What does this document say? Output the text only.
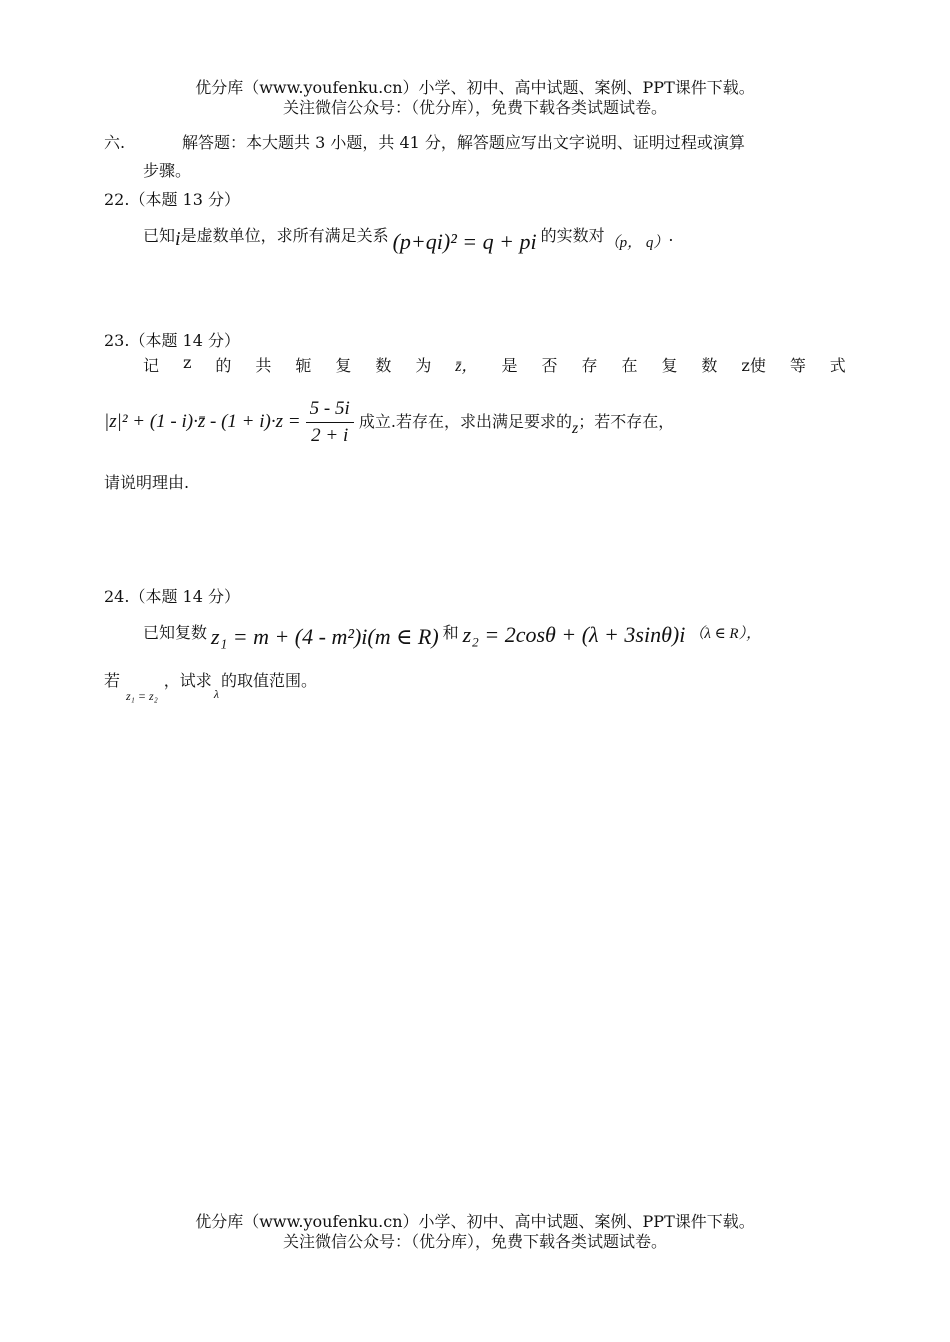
优分库（www.youfenku.cn）小学、初中、高中试题、案例、PPT课件下载。
关注微信公众号：（优分库），免费下载各类试题试卷。
六.	解答题：本大题共 3 小题，共 41 分，解答题应写出文字说明、证明过程或演算
步骤。
22.（本题 13 分）
已知i是虚数单位，求所有满足关系 (p+qi)² = q + pi 的实数对（p， q）.
23.（本题 14 分）
记 z 的 共 轭 复 数 为 z̄， 是 否 存 在 复 数 z使 等 式
|z|² + (1 - i)·z̄ - $(1 + i)\cdot z = \frac{5 - 5i}{2 + i}$ 成立.若存在，求出满足要求的z；若不存在，
请说明理由.
24.（本题 14 分）
已知复数 z₁ = m + (4 - m²)i(m ∈ R) 和 z₂ = 2cosθ + (λ + 3sinθ)i （λ ∈ R），
若$_{z_1 = z_2}$，试求$_\lambda$的取值范围。
优分库（www.youfenku.cn）小学、初中、高中试题、案例、PPT课件下载。
关注微信公众号：（优分库），免费下载各类试题试卷。
